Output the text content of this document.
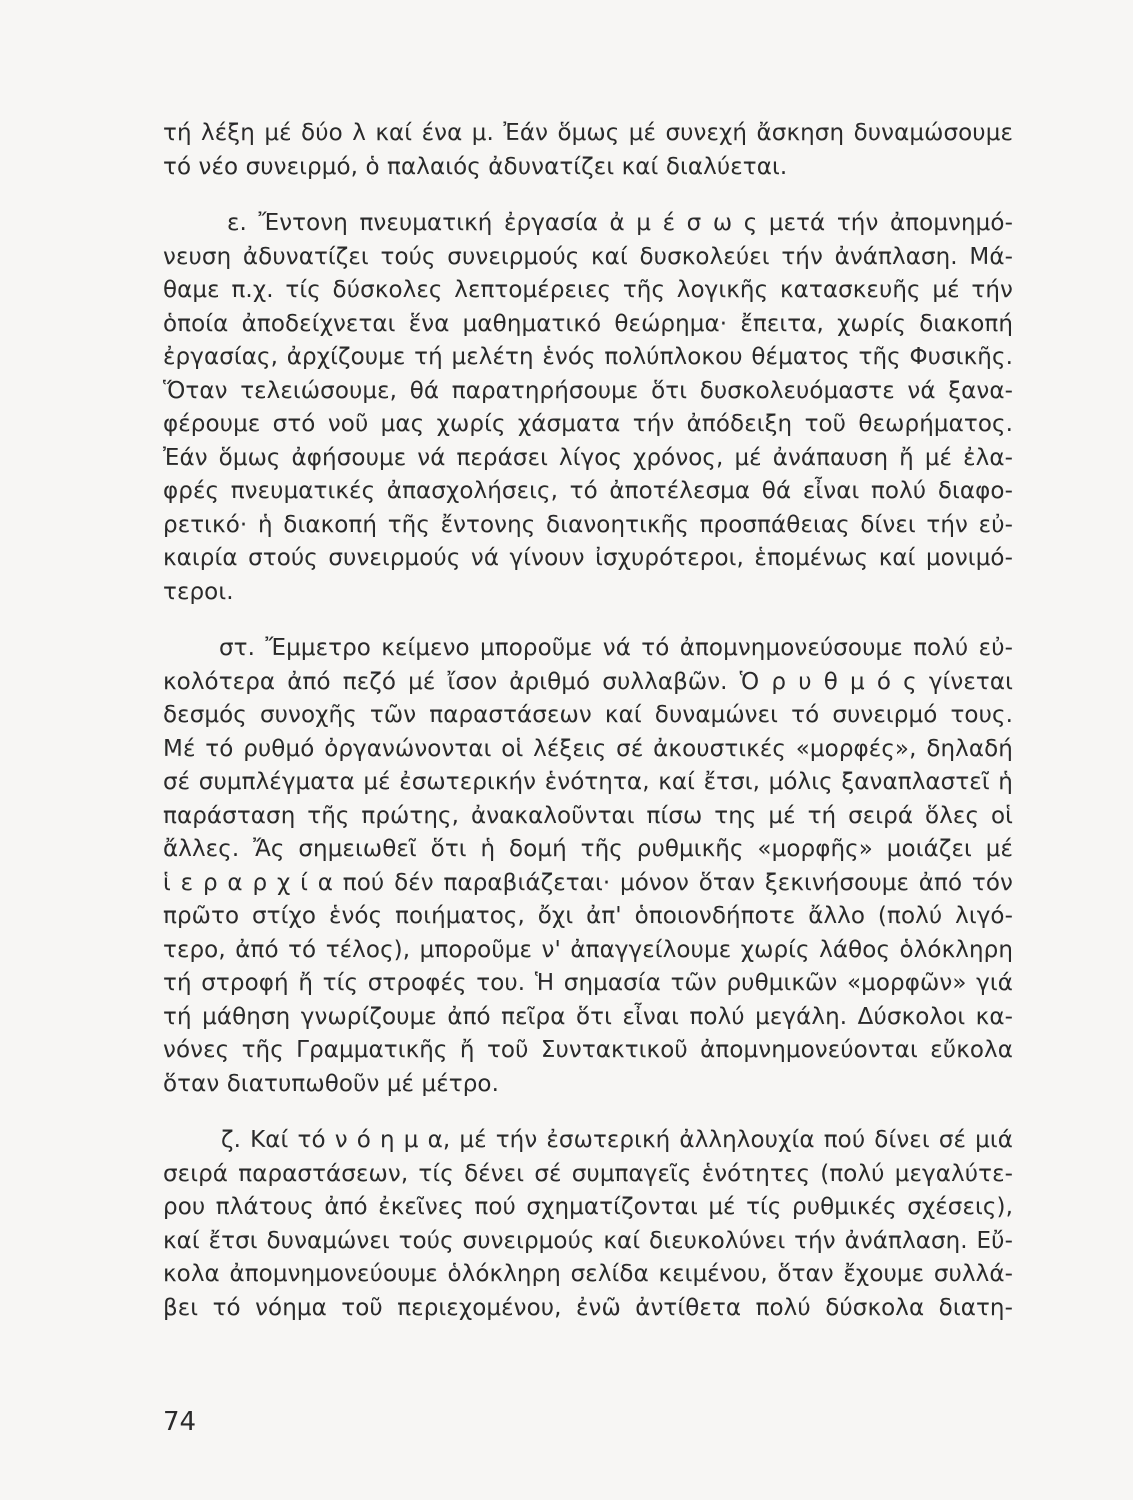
τή λέξη μέ δύο λ καί ένα μ. Ἐάν ὅμως μέ συνεχή ἄσκηση δυναμώσουμε
τό νέο συνειρμό, ὁ παλαιός ἀδυνατίζει καί διαλύεται.
ε. Ἔντονη πνευματική ἐργασία ἀ μ έ σ ω ς μετά τήν ἀπομνημό-
νευση ἀδυνατίζει τούς συνειρμούς καί δυσκολεύει τήν ἀνάπλαση. Μά-
θαμε π.χ. τίς δύσκολες λεπτομέρειες τῆς λογικῆς κατασκευῆς μέ τήν
ὁποία ἀποδείχνεται ἕνα μαθηματικό θεώρημα· ἔπειτα, χωρίς διακοπή
ἐργασίας, ἀρχίζουμε τή μελέτη ἑνός πολύπλοκου θέματος τῆς Φυσικῆς.
Ὅταν τελειώσουμε, θά παρατηρήσουμε ὅτι δυσκολευόμαστε νά ξανα-
φέρουμε στό νοῦ μας χωρίς χάσματα τήν ἀπόδειξη τοῦ θεωρήματος.
Ἐάν ὅμως ἀφήσουμε νά περάσει λίγος χρόνος, μέ ἀνάπαυση ἤ μέ ἐλα-
φρές πνευματικές ἀπασχολήσεις, τό ἀποτέλεσμα θά εἶναι πολύ διαφο-
ρετικό· ἡ διακοπή τῆς ἔντονης διανοητικῆς προσπάθειας δίνει τήν εὐ-
καιρία στούς συνειρμούς νά γίνουν ἰσχυρότεροι, ἑπομένως καί μονιμό-
τεροι.
στ. Ἔμμετρο κείμενο μποροῦμε νά τό ἀπομνημονεύσουμε πολύ εὐ-
κολότερα ἀπό πεζό μέ ἴσον ἀριθμό συλλαβῶν. Ὁ ρ υ θ μ ό ς γίνεται
δεσμός συνοχῆς τῶν παραστάσεων καί δυναμώνει τό συνειρμό τους.
Μέ τό ρυθμό ὀργανώνονται οἱ λέξεις σέ ἀκουστικές «μορφές», δηλαδή
σέ συμπλέγματα μέ ἐσωτερικήν ἑνότητα, καί ἔτσι, μόλις ξαναπλαστεῖ ἡ
παράσταση τῆς πρώτης, ἀνακαλοῦνται πίσω της μέ τή σειρά ὅλες οἱ
ἄλλες. Ἄς σημειωθεῖ ὅτι ἡ δομή τῆς ρυθμικῆς «μορφῆς» μοιάζει μέ
ἱ ε ρ α ρ χ ί α πού δέν παραβιάζεται· μόνον ὅταν ξεκινήσουμε ἀπό τόν
πρῶτο στίχο ἑνός ποιήματος, ὄχι ἀπ' ὁποιονδήποτε ἄλλο (πολύ λιγό-
τερο, ἀπό τό τέλος), μποροῦμε ν' ἀπαγγείλουμε χωρίς λάθος ὁλόκληρη
τή στροφή ἤ τίς στροφές του. Ἡ σημασία τῶν ρυθμικῶν «μορφῶν» γιά
τή μάθηση γνωρίζουμε ἀπό πεῖρα ὅτι εἶναι πολύ μεγάλη. Δύσκολοι κα-
νόνες τῆς Γραμματικῆς ἤ τοῦ Συντακτικοῦ ἀπομνημονεύονται εὔκολα
ὅταν διατυπωθοῦν μέ μέτρο.
ζ. Καί τό ν ό η μ α, μέ τήν ἐσωτερική ἀλληλουχία πού δίνει σέ μιά
σειρά παραστάσεων, τίς δένει σέ συμπαγεῖς ἑνότητες (πολύ μεγαλύτε-
ρου πλάτους ἀπό ἐκεῖνες πού σχηματίζονται μέ τίς ρυθμικές σχέσεις),
καί ἔτσι δυναμώνει τούς συνειρμούς καί διευκολύνει τήν ἀνάπλαση. Εὔ-
κολα ἀπομνημονεύουμε ὁλόκληρη σελίδα κειμένου, ὅταν ἔχουμε συλλά-
βει τό νόημα τοῦ περιεχομένου, ἐνῶ ἀντίθετα πολύ δύσκολα διατη-
74
